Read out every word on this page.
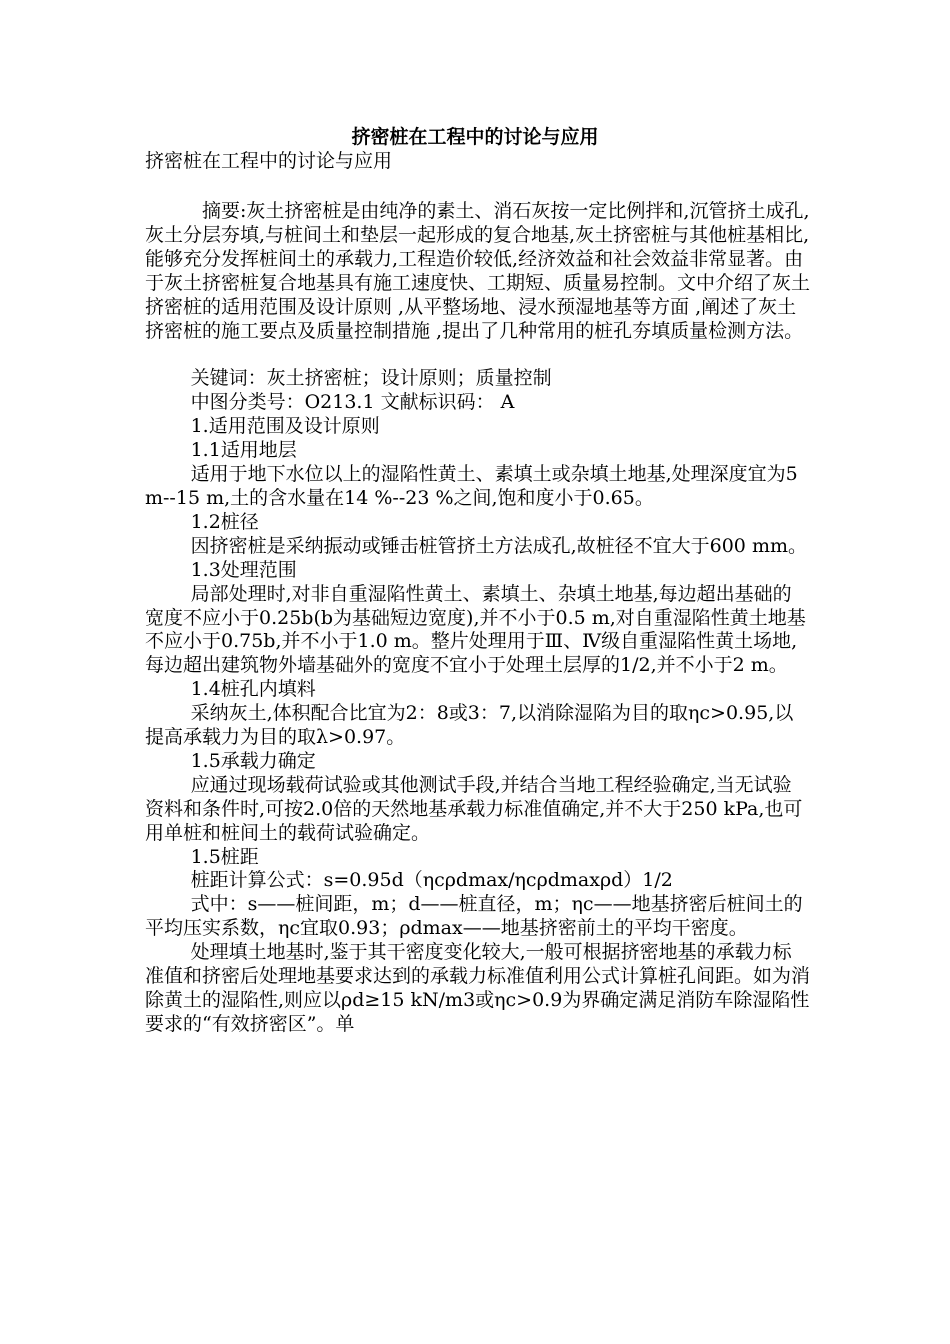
挤密桩在工程中的讨论与应用
挤密桩在工程中的讨论与应用

摘要:灰土挤密桩是由纯净的素土、消石灰按一定比例拌和,沉管挤土成孔,灰土分层夯填,与桩间土和垫层一起形成的复合地基,灰土挤密桩与其他桩基相比,能够充分发挥桩间土的承载力,工程造价较低,经济效益和社会效益非常显著。由于灰土挤密桩复合地基具有施工速度快、工期短、质量易控制。文中介绍了灰土挤密桩的适用范围及设计原则 ,从平整场地、浸水预湿地基等方面 ,阐述了灰土挤密桩的施工要点及质量控制措施 ,提出了几种常用的桩孔夯填质量检测方法。

关键词：灰土挤密桩；设计原则；质量控制

中图分类号：O213.1 文献标识码： A

1.适用范围及设计原则

1.1适用地层

适用于地下水位以上的湿陷性黄土、素填土或杂填土地基,处理深度宜为5 m--15 m,土的含水量在14 %--23 %之间,饱和度小于0.65。

1.2桩径

因挤密桩是采纳振动或锤击桩管挤土方法成孔,故桩径不宜大于600 mm。

1.3处理范围

局部处理时,对非自重湿陷性黄土、素填土、杂填土地基,每边超出基础的宽度不应小于0.25b(b为基础短边宽度),并不小于0.5 m,对自重湿陷性黄土地基不应小于0.75b,并不小于1.0 m。整片处理用于Ⅲ、Ⅳ级自重湿陷性黄土场地,每边超出建筑物外墙基础外的宽度不宜小于处理土层厚的1/2,并不小于2 m。

1.4桩孔内填料

采纳灰土,体积配合比宜为2：8或3：7,以消除湿陷为目的取ηc>0.95,以提高承载力为目的取λ>0.97。

1.5承载力确定

应通过现场载荷试验或其他测试手段,并结合当地工程经验确定,当无试验资料和条件时,可按2.0倍的天然地基承载力标准值确定,并不大于250 kPa,也可用单桩和桩间土的载荷试验确定。

1.5桩距

桩距计算公式：s=0.95d（ηcρdmax/ηcρdmaxρd）1/2

式中：s——桩间距，m；d——桩直径，m；ηc——地基挤密后桩间土的平均压实系数，ηc宜取0.93；ρdmax——地基挤密前土的平均干密度。

处理填土地基时,鉴于其干密度变化较大,一般可根据挤密地基的承载力标准值和挤密后处理地基要求达到的承载力标准值利用公式计算桩孔间距。如为消除黄土的湿陷性,则应以ρd≥15 kN/m3或ηc>0.9为界确定满足消防车除湿陷性要求的“有效挤密区”。单
